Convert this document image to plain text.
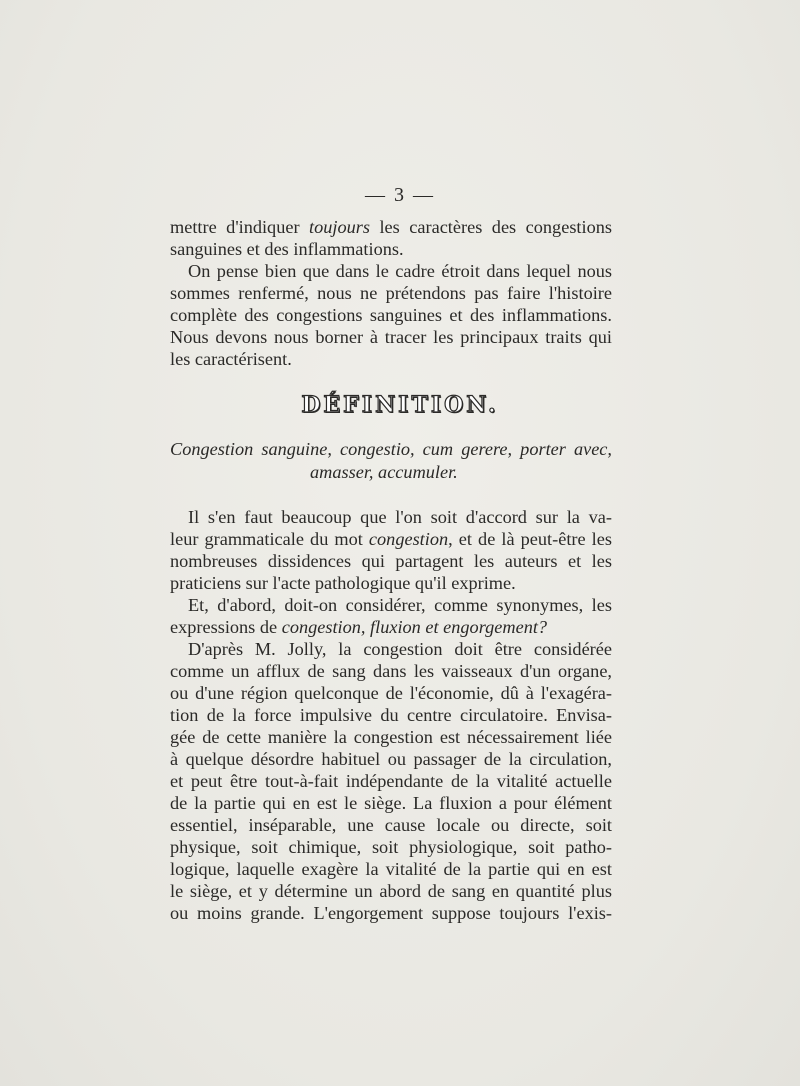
— 3 —
mettre d'indiquer toujours les caractères des congestions
sanguines et des inflammations.
On pense bien que dans le cadre étroit dans lequel nous
sommes renfermé, nous ne prétendons pas faire l'histoire
complète des congestions sanguines et des inflammations.
Nous devons nous borner à tracer les principaux traits qui
les caractérisent.
DÉFINITION.
Congestion sanguine, congestio, cum gerere, porter avec,
amasser, accumuler.
Il s'en faut beaucoup que l'on soit d'accord sur la va-
leur grammaticale du mot congestion, et de là peut-être les
nombreuses dissidences qui partagent les auteurs et les
praticiens sur l'acte pathologique qu'il exprime.
Et, d'abord, doit-on considérer, comme synonymes, les
expressions de congestion, fluxion et engorgement?
D'après M. Jolly, la congestion doit être considérée
comme un afflux de sang dans les vaisseaux d'un organe,
ou d'une région quelconque de l'économie, dû à l'exagéra-
tion de la force impulsive du centre circulatoire. Envisa-
gée de cette manière la congestion est nécessairement liée
à quelque désordre habituel ou passager de la circulation,
et peut être tout-à-fait indépendante de la vitalité actuelle
de la partie qui en est le siège. La fluxion a pour élément
essentiel, inséparable, une cause locale ou directe, soit
physique, soit chimique, soit physiologique, soit patho-
logique, laquelle exagère la vitalité de la partie qui en est
le siège, et y détermine un abord de sang en quantité plus
ou moins grande. L'engorgement suppose toujours l'exis-
